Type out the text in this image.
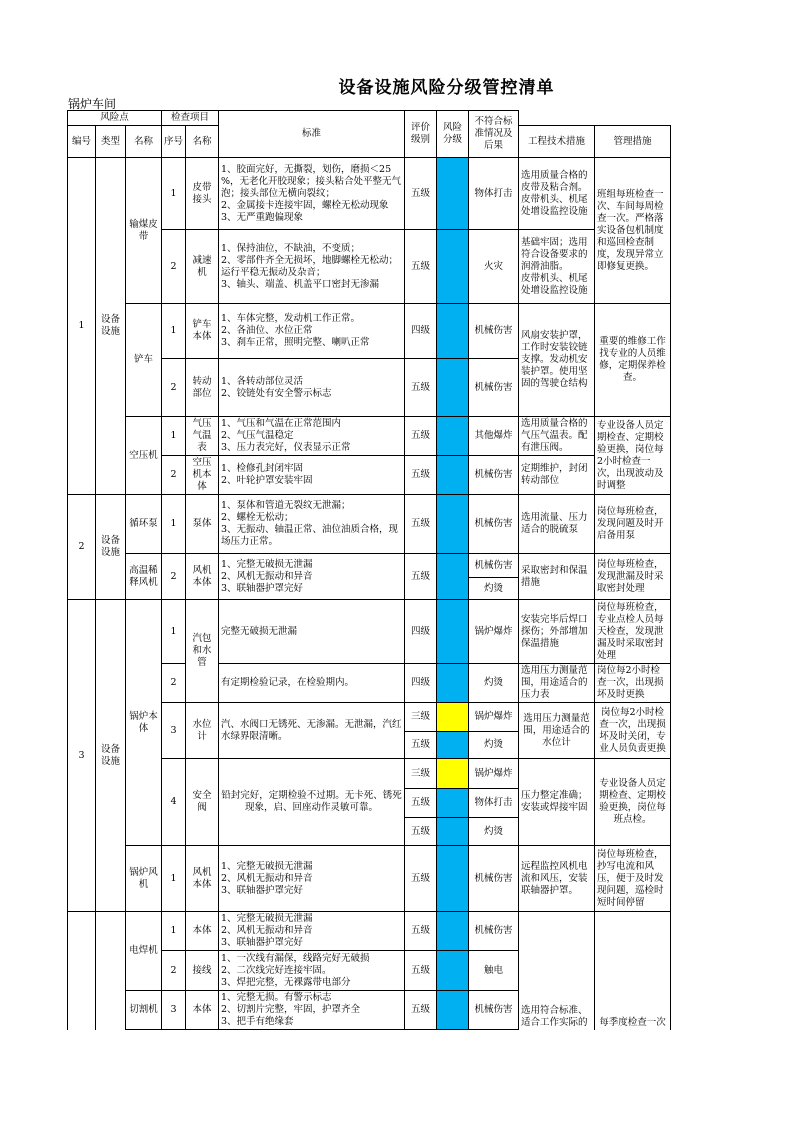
设备设施风险分级管控清单
锅炉车间
风险点			检查项目		标准	评价级别	风险分级	不符合标准情况及后果		
编号	类型	名称	序号	名称					工程技术措施	管理措施
1	设备设施	输煤皮带	1	皮带接头	1、胶面完好，无撕裂，划伤，磨损＜25 %，无老化开胶现象；接头粘合处平整无气泡；接头部位无横向裂纹；
2、金属接卡连接牢固，螺栓无松动现象
3、无严重跑偏现象	五级		物体打击	选用质量合格的皮带及粘合剂。皮带机头、机尾处增设监控设施	班组每班检查一次、车间每周检查一次。严格落实设备包机制度和巡回检查制度，发现异常立即修复更换。
			2	减速机	1、保持油位，不缺油，不变质；
2、零部件齐全无损坏，地脚螺栓无松动；运行平稳无振动及杂音；
3、轴头、端盖、机盖平口密封无渗漏	五级		火灾	基础牢固；选用符合设备要求的润滑油脂。
皮带机头、机尾处增设监控设施	
		铲车	1	铲车本体	1、车体完整，发动机工作正常。
2、各油位、水位正常
3、刹车正常，照明完整、喇叭正常	四级		机械伤害	风扇安装护罩，工作时安装铰链支撑。发动机安装护罩。使用坚固的驾驶仓结构	重要的维修工作找专业的人员维修，定期保养检查。
			2	转动部位	1、各转动部位灵活
2、铰链处有安全警示标志	五级		机械伤害		
		空压机	1	气压气温表	1、气压和气温在正常范围内
2、气压气温稳定
3、压力表完好，仪表显示正常	五级		其他爆炸	选用质量合格的气压气温表。配有泄压阀。	专业设备人员定期检查、定期校验更换，岗位每2小时检查一次，出现波动及时调整
			2	空压机本体	1、检修孔封闭牢固
2、叶轮护罩安装牢固	五级		机械伤害	定期维护，封闭转动部位	
2	设备设施	循环泵	1	泵体	1、泵体和管道无裂纹无泄漏；
2、螺栓无松动；
3、无振动、轴温正常、油位油质合格，现场压力正常。	五级		机械伤害	选用流量、压力适合的脱硫泵	岗位每班检查，发现问题及时开启备用泵
		高温稀释风机	2	风机本体	1、完整无破损无泄漏
2、风机无振动和异音
3、联轴器护罩完好	五级		机械伤害	采取密封和保温措施	岗位每班检查，发现泄漏及时采取密封处理
								灼烫		
3	设备设施	锅炉本体	1	汽包和水管	完整无破损无泄漏	四级		锅炉爆炸	安装完毕后焊口探伤；外部增加保温措施	岗位每班检查，专业点检人员每天检查，发现泄漏及时采取密封处理
			2		有定期检验记录，在检验期内。	四级		灼烫	选用压力测量范围，用途适合的压力表	岗位每2小时检查一次，出现损坏及时更换
			3	水位计	汽、水阀口无锈死、无渗漏。无泄漏，汽红水绿界限清晰。	三级		锅炉爆炸	选用压力测量范围，用途适合的水位计	岗位每2小时检查一次，出现损坏及时关闭，专业人员负责更换
						五级		灼烫		
			4	安全阀	铅封完好，定期检验不过期。无卡死、锈死现象，启、回座动作灵敏可靠。	三级		锅炉爆炸	压力整定准确；安装或焊接牢固	专业设备人员定期检查、定期校验更换，岗位每班点检。
						五级		物体打击		
						五级		灼烫		

		锅炉风机	1	风机本体	1、完整无破损无泄漏
2、风机无振动和异音
3、联轴器护罩完好	五级		机械伤害	远程监控风机电流和风压，安装联轴器护罩。	岗位每班检查，抄写电流和风压，便于及时发现问题，巡检时短时间停留
		电焊机	1	本体	1、完整无破损无泄漏
2、风机无振动和异音
3、联轴器护罩完好	五级		机械伤害	选用符合标准、适合工作实际的	每季度检查一次
			2	接线	1、一次线有漏保，线路完好无破损
2、二次线完好连接牢固。
3、焊把完整，无裸露带电部分	五级		触电		
		切割机	3	本体	1、完整无损。有警示标志
2、切割片完整，牢固，护罩齐全
3、把手有绝缘套	五级		机械伤害		
